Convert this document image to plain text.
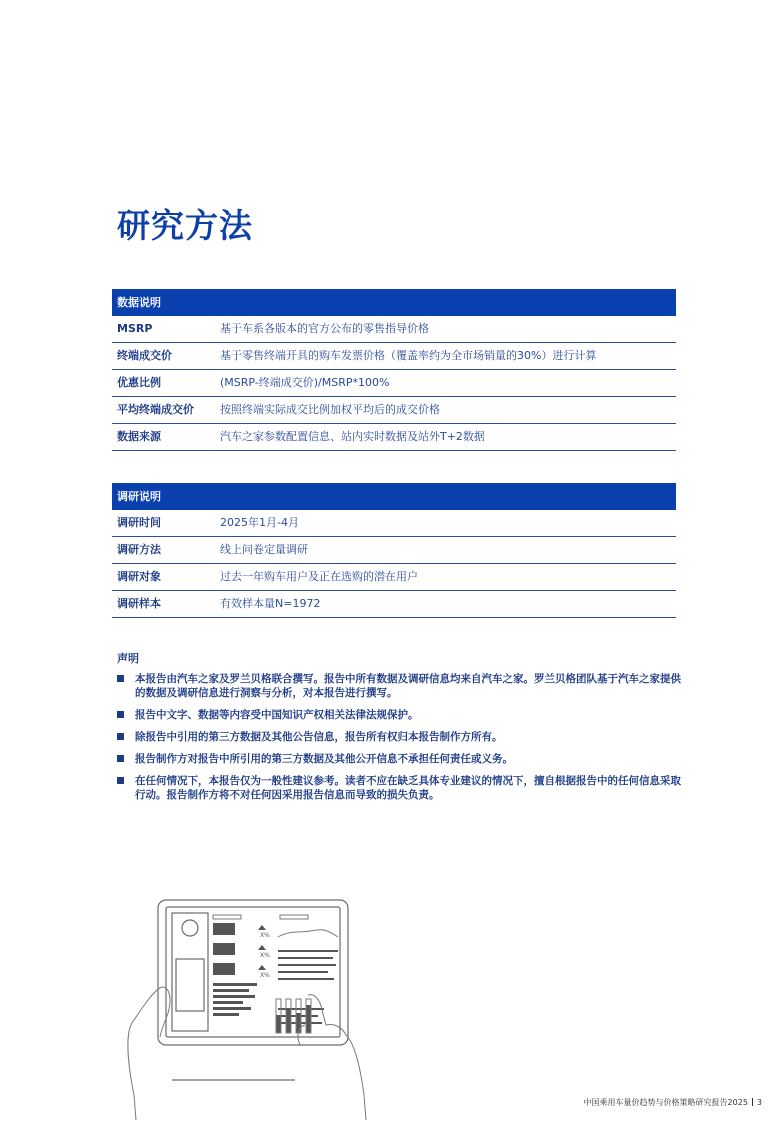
研究方法
数据说明
MSRP	基于车系各版本的官方公布的零售指导价格
终端成交价	基于零售终端开具的购车发票价格（覆盖率约为全市场销量的30%）进行计算
优惠比例	(MSRP-终端成交价)/MSRP*100%
平均终端成交价 按照终端实际成交比例加权平均后的成交价格
数据来源	汽车之家参数配置信息、站内实时数据及站外T+2数据
调研说明
调研时间	2025年1月-4月
调研方法	线上问卷定量调研
调研对象	过去一年购车用户及正在选购的潜在用户
调研样本	有效样本量N=1972
声明
本报告由汽车之家及罗兰贝格联合撰写。报告中所有数据及调研信息均来自汽车之家。罗兰贝格团队基于汽车之家提供的数据及调研信息进行洞察与分析，对本报告进行撰写。
报告中文字、数据等内容受中国知识产权相关法律法规保护。
除报告中引用的第三方数据及其他公告信息，报告所有权归本报告制作方所有。
报告制作方对报告中所引用的第三方数据及其他公开信息不承担任何责任或义务。
在任何情况下，本报告仅为一般性建议参考。读者不应在缺乏具体专业建议的情况下，擅自根据报告中的任何信息采取行动。报告制作方将不对任何因采用报告信息而导致的损失负责。
X%
X%
X%
中国乘用车量价趋势与价格策略研究报告2025 3
